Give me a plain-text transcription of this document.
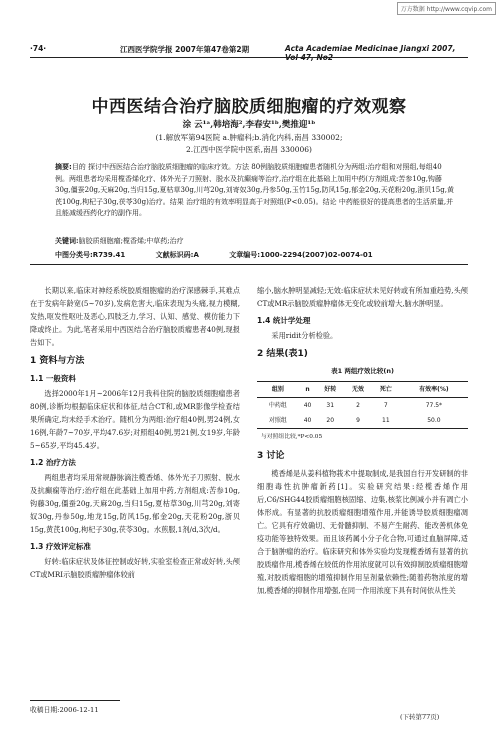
万方数据 http://www.cqvip.com
·74·	江西医学院学报 2007年第47卷第2期	Acta Academiae Medicinae Jiangxi 2007, Vol 47, No2
中西医结合治疗脑胶质细胞瘤的疗效观察
涂 云¹ᵃ,韩培海²,李春安¹ᵇ,樊推迎¹ᵇ
(1.解放军第94医院 a.肿瘤科;b.消化内科,南昌 330002;
2.江西中医学院中医系,南昌 330006)
摘要:目的 探讨中西医结合治疗脑胶质细胞瘤的临床疗效。方法 80例脑胶质细胞瘤患者随机分为两组:治疗组和对照组,每组40例。两组患者均采用榄香烯化疗、体外光子刀照射、脱水及抗癫痫等治疗,治疗组在此基础上加用中药(方剂组成:苦参10g,钩藤30g,僵蚕20g,天麻20g,当归15g,夏枯草30g,川芎20g,刘寄奴30g,丹参50g,玉竹15g,防风15g,郁金20g,天花粉20g,浙贝15g,黄芪100g,枸杞子30g,茯苓30g)治疗。结果 治疗组的有效率明显高于对照组(P<0.05)。结论 中药能很好的提高患者的生活质量,并且能减缓西药化疗的副作用。
关键词:脑胶质细胞瘤;榄香烯;中草药;治疗
中图分类号:R739.41	文献标识码:A	文章编号:1000-2294(2007)02-0074-01

长期以来,临床对神经系统胶质细胞瘤的治疗深感棘手,其难点在于发病年龄宽(5~70岁),发病危害大,临床表现为头痛,视力模糊,发热,呕发性呕吐及恶心,四肢乏力,学习、认知、感觉、模仿能力下降或终止。为此,笔者采用中西医结合治疗脑胶质瘤患者40例,现报告如下。

1 资料与方法
1.1 一般资料

选择2000年1月~2006年12月我科住院的脑胶质细胞瘤患者80例,诊断均根据临床症状和体征,结合CT和,或MR影像学检查结果所确定,均未经手术治疗。随机分为两组:治疗组40例,男24例,女16例,年龄7~70岁,平均47.6岁;对照组40例,男21例,女19岁,年龄5~65岁,平均45.4岁。

1.2 治疗方法

两组患者均采用常规静脉滴注榄香烯、体外光子刀照射、脱水及抗癫痫等治疗;治疗组在此基础上加用中药,方剂组成:苦参10g,钩藤30g,僵蚕20g,天麻20g,当归15g,夏枯草30g,川芎20g,刘寄奴30g,丹参50g,地龙15g,防风15g,郁金20g,天花粉20g,浙贝15g,黄芪100g,枸杞子30g,茯苓30g。水煎服,1剂/d,3次/d。

1.3 疗效评定标准

好转:临床症状及体征控制或好转,实验室检查正常或好转,头颅CT或MRI示脑胶质瘤肿瘤体较前

缩小,脑水肿明显减轻;无效:临床症状未见好转或有所加重趋势,头颅CT或MR示脑胶质瘤肿瘤体无变化或较前增大,脑水肿明显。

1.4 统计学处理

采用ridit分析检验。

2 结果(表1)
表1 两组疗效比较(n)
组别	n	好转	无效	死亡	有效率(%)
中药组	40	31	2	7	77.5*
对照组	40	20	9	11	50.0
与对照组比较,*P<0.05
3 讨论

榄香烯是从姜科植物莪术中提取制成,是我国自行开发研制的非细胞毒性抗肿瘤新药[1]。实验研究结果:经榄香烯作用后,C6/SHG44胶质瘤细胞核固缩、边集,核浆比例减小并有凋亡小体形成。有显著的抗胶质瘤细胞增殖作用,并能诱导胶质细胞瘤凋亡。它具有疗效确切、无骨髓抑制、不易产生耐药、能改善机体免疫功能等独特效果。而且该药属小分子化合物,可通过血脑屏障,适合于脑肿瘤的治疗。临床研究和体外实验均发现榄香烯有显著的抗胶质瘤作用,榄香烯在较低的作用浓度就可以有效抑制胶质瘤细胞增殖,对胶质瘤细胞的增殖抑制作用呈剂量依赖性;随着药物浓度的增加,榄香烯的抑制作用增强,在同一作用浓度下具有时间依从性关

收稿日期:2006-12-11
(下转第77页)
